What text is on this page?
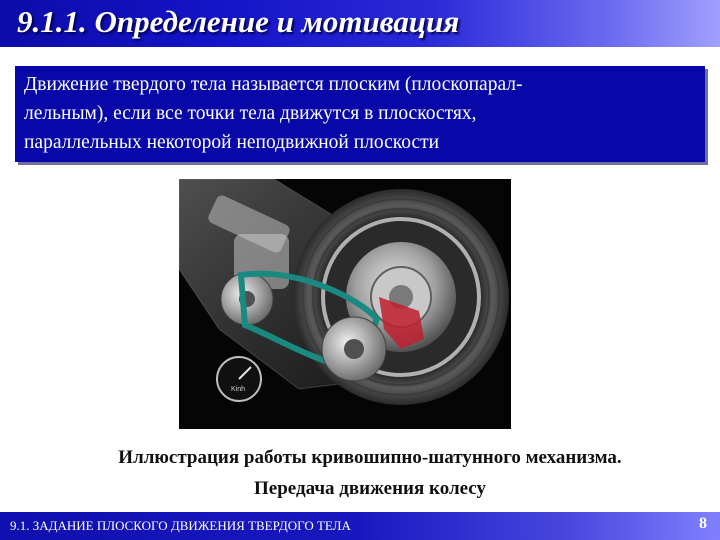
9.1.1. Определение и мотивация

Движение твердого тела называется плоским (плоскопарал-
лельным), если все точки тела движутся в плоскостях,
параллельных некоторой неподвижной плоскости

Kinh
Иллюстрация работы кривошипно-шатунного механизма.
Передача движения колесу
9.1. ЗАДАНИЕ ПЛОСКОГО ДВИЖЕНИЯ ТВЕРДОГО ТЕЛА	8
